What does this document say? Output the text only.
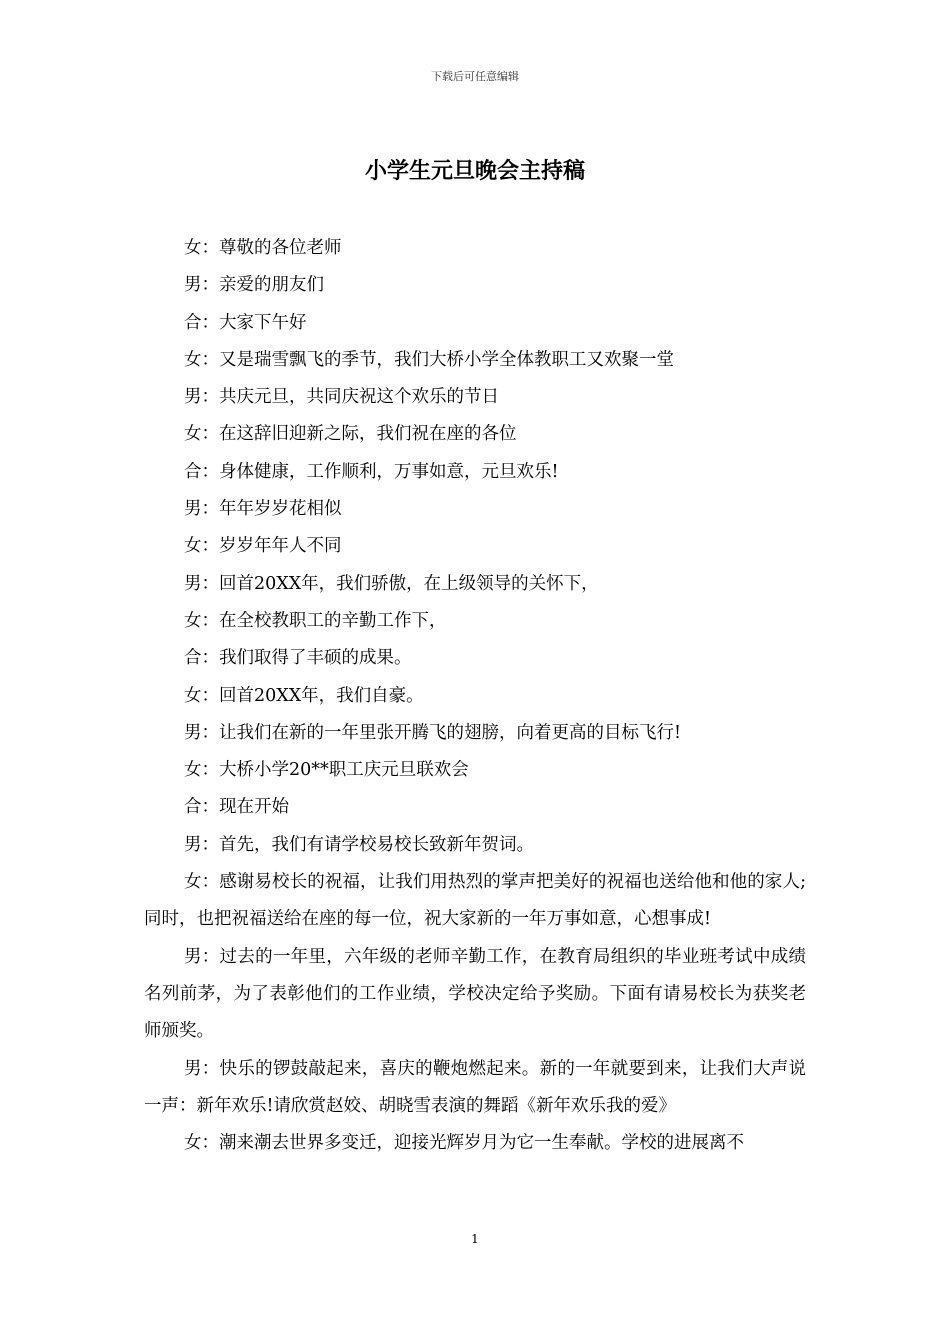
下载后可任意编辑
小学生元旦晚会主持稿

女：尊敬的各位老师

男：亲爱的朋友们

合：大家下午好

女：又是瑞雪飘飞的季节，我们大桥小学全体教职工又欢聚一堂

男：共庆元旦，共同庆祝这个欢乐的节日

女：在这辞旧迎新之际，我们祝在座的各位

合：身体健康，工作顺利，万事如意，元旦欢乐!

男：年年岁岁花相似

女：岁岁年年人不同

男：回首20XX年，我们骄傲，在上级领导的关怀下，

女：在全校教职工的辛勤工作下，

合：我们取得了丰硕的成果。

女：回首20XX年，我们自豪。

男：让我们在新的一年里张开腾飞的翅膀，向着更高的目标飞行!

女：大桥小学20**职工庆元旦联欢会

合：现在开始

男：首先，我们有请学校易校长致新年贺词。

女：感谢易校长的祝福，让我们用热烈的掌声把美好的祝福也送给他和他的家人;同时，也把祝福送给在座的每一位，祝大家新的一年万事如意，心想事成!

男：过去的一年里，六年级的老师辛勤工作，在教育局组织的毕业班考试中成绩名列前茅，为了表彰他们的工作业绩，学校决定给予奖励。下面有请易校长为获奖老师颁奖。

男：快乐的锣鼓敲起来，喜庆的鞭炮燃起来。新的一年就要到来，让我们大声说一声：新年欢乐!请欣赏赵姣、胡晓雪表演的舞蹈《新年欢乐我的爱》

女：潮来潮去世界多变迁，迎接光辉岁月为它一生奉献。学校的进展离不

1
